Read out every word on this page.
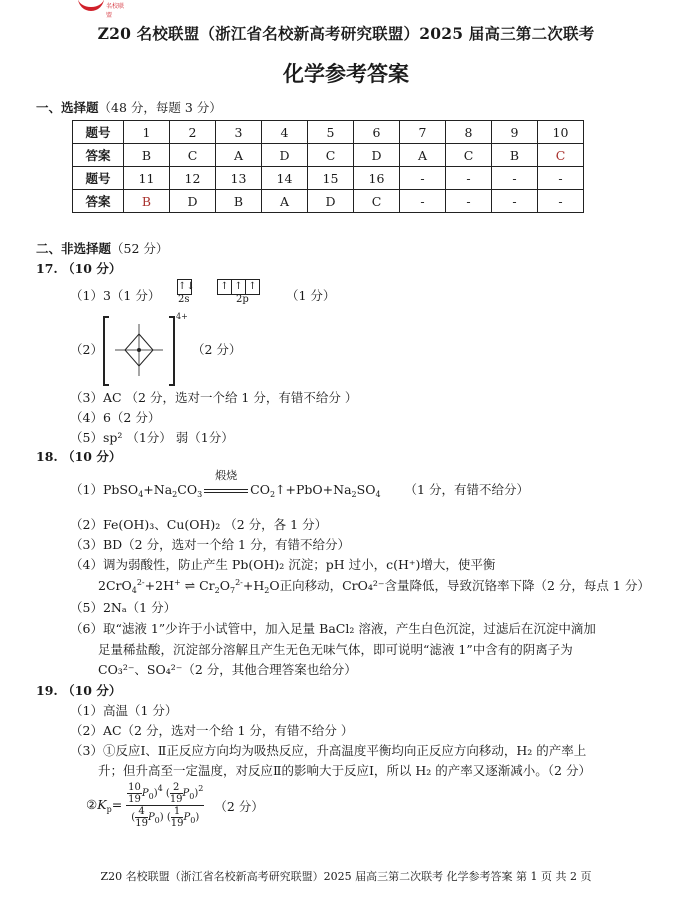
名校联盟
Z20 名校联盟（浙江省名校新高考研究联盟）2025 届高三第二次联考
化学参考答案
一、选择题（48 分，每题 3 分）
题号	1	2	3	4	5	6	7	8	9	10
答案	B	C	A	D	C	D	A	C	B	C
题号	11	12	13	14	15	16	-	-	-	-
答案	B	D	B	A	D	C	-	-	-	-
二、非选择题（52 分）
17. （10 分）
（1）3（1 分）
↑↓	↑ ↑ ↑
2s	2p	（1 分）
（2）
4+
（2 分）
（3）AC （2 分，选对一个给 1 分，有错不给分 ）
（4）6（2 分）
（5）sp² （1分） 弱（1分）
18. （10 分）
$(1)PbSO_4+Na_2CO_3$
煅烧
$CO_2↑+PbO+Na_2SO_4$ （1 分，有错不给分）
（2）Fe(OH)₃、Cu(OH)₂ （2 分，各 1 分）
（3）BD（2 分，选对一个给 1 分，有错不给分）
（4）调为弱酸性，防止产生 Pb(OH)₂ 沉淀；pH 过小，c(H⁺)增大，使平衡
2CrO$_4^{2-}$+2H+ ⇌ $Cr_2O_7^{2-}+H_2O$正向移动，CrO₄²⁻含量降低，导致沉铬率下降（2 分，每点 1 分）
（5）2Nₐ（1 分）
（6）取“滤液 1”少许于小试管中，加入足量 BaCl₂ 溶液，产生白色沉淀，过滤后在沉淀中滴加
足量稀盐酸，沉淀部分溶解且产生无色无味气体，即可说明“滤液 1”中含有的阴离子为
CO₃²⁻、SO₄²⁻（2 分，其他合理答案也给分）
19. （10 分）
（1）高温（1 分）
（2）AC（2 分，选对一个给 1 分，有错不给分 ）
（3）①反应Ⅰ、Ⅱ正反应方向均为吸热反应，升高温度平衡均向正反应方向移动，H₂ 的产率上
升；但升高至一定温度，对反应Ⅱ的影响大于反应Ⅰ，所以 H₂ 的产率又逐渐减小。（2 分）
$②K_p= \frac{\frac{10}{19} P_0)^4 ( \frac{2}{19} P_0)^2}{( \frac{4}{19} P_0) ( \frac{1}{19} P_0)} (2$ 分）
Z20 名校联盟（浙江省名校新高考研究联盟）2025 届高三第二次联考 化学参考答案 第 1 页 共 2 页
